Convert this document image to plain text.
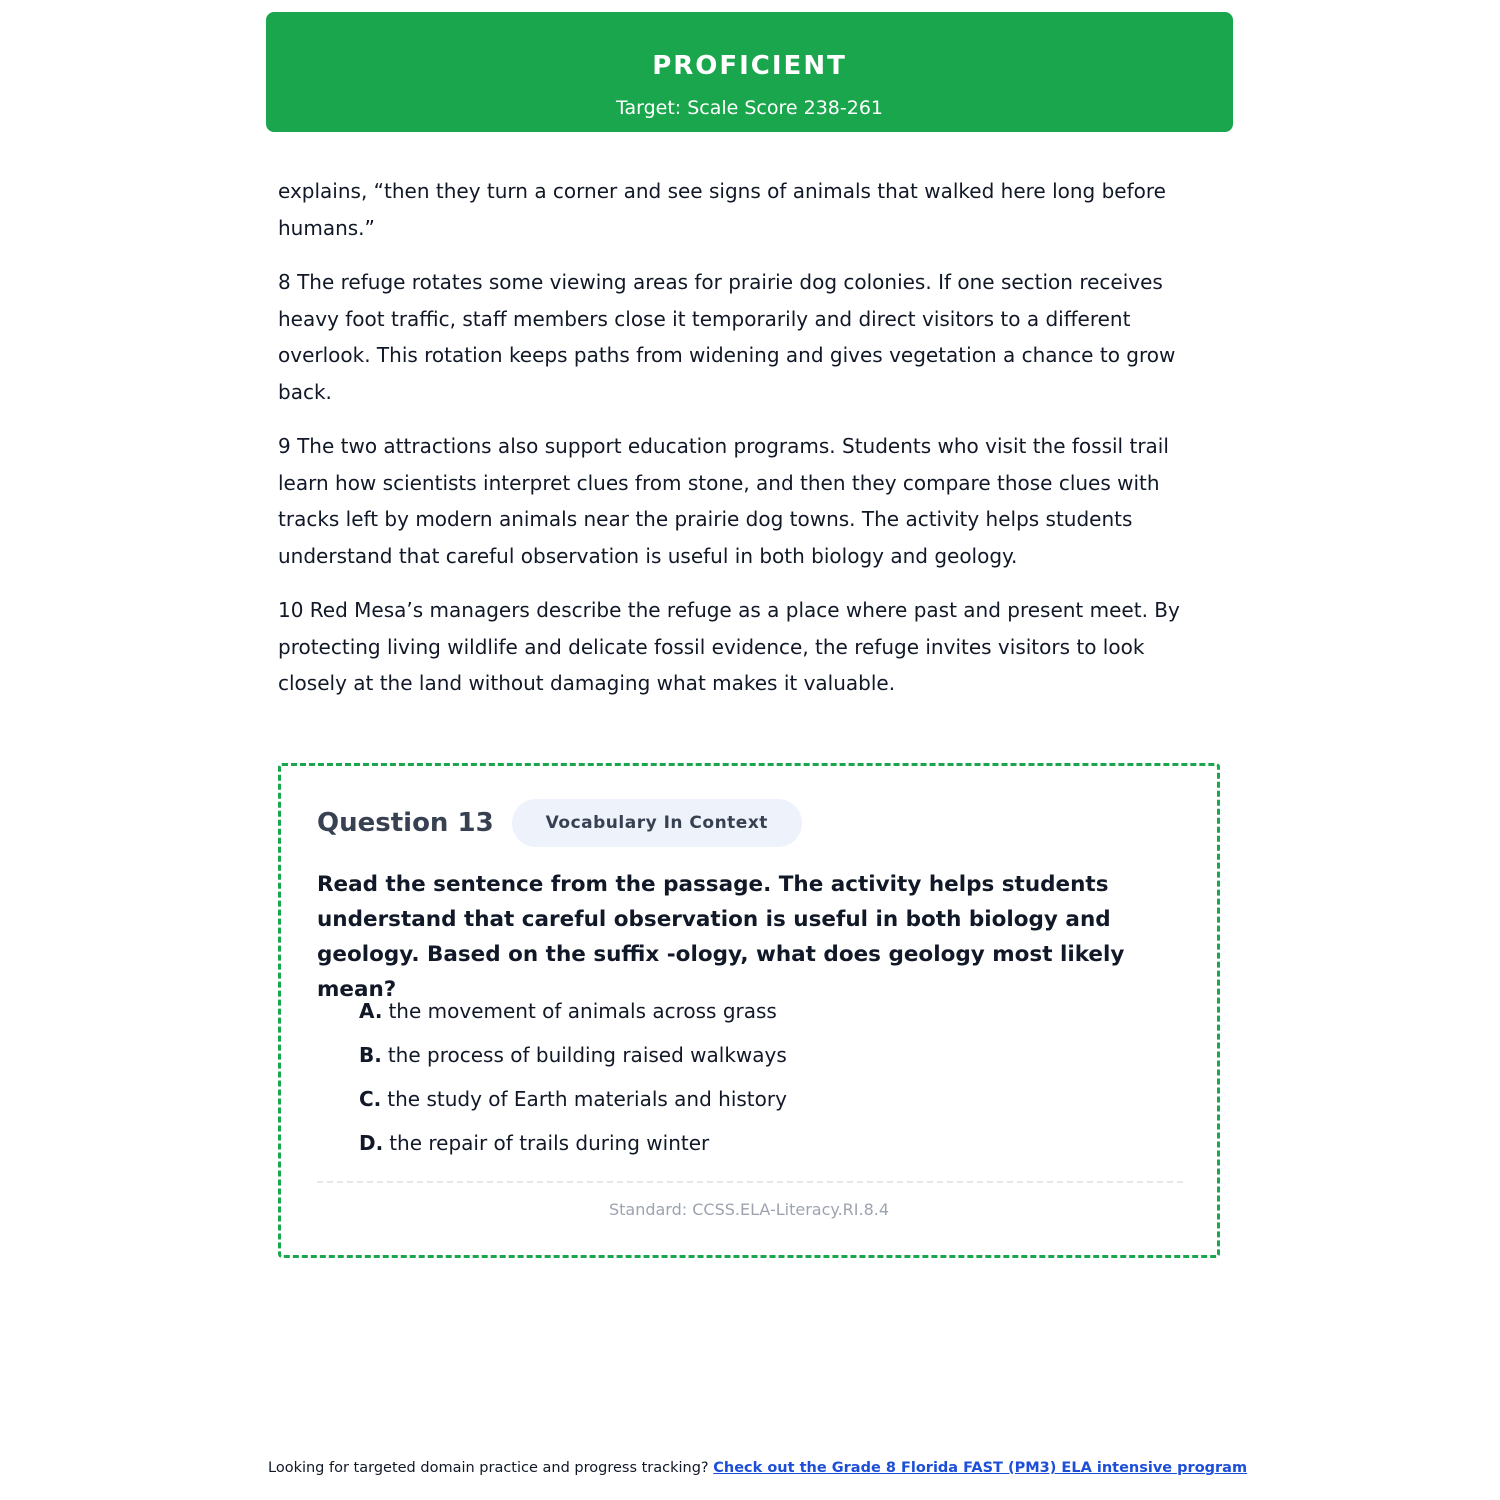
PROFICIENT
Target: Scale Score 238-261

explains, “then they turn a corner and see signs of animals that walked here long before humans.”

8 The refuge rotates some viewing areas for prairie dog colonies. If one section receives heavy foot traffic, staff members close it temporarily and direct visitors to a different overlook. This rotation keeps paths from widening and gives vegetation a chance to grow back.

9 The two attractions also support education programs. Students who visit the fossil trail learn how scientists interpret clues from stone, and then they compare those clues with tracks left by modern animals near the prairie dog towns. The activity helps students understand that careful observation is useful in both biology and geology.

10 Red Mesa’s managers describe the refuge as a place where past and present meet. By protecting living wildlife and delicate fossil evidence, the refuge invites visitors to look closely at the land without damaging what makes it valuable.

Question 13	Vocabulary In Context

Read the sentence from the passage. The activity helps students understand that careful observation is useful in both biology and geology. Based on the suffix -ology, what does geology most likely mean?

A. the movement of animals across grass
B. the process of building raised walkways
C. the study of Earth materials and history
D. the repair of trails during winter
Standard: CCSS.ELA-Literacy.RI.8.4
Looking for targeted domain practice and progress tracking? Check out the Grade 8 Florida FAST (PM3) ELA intensive program
